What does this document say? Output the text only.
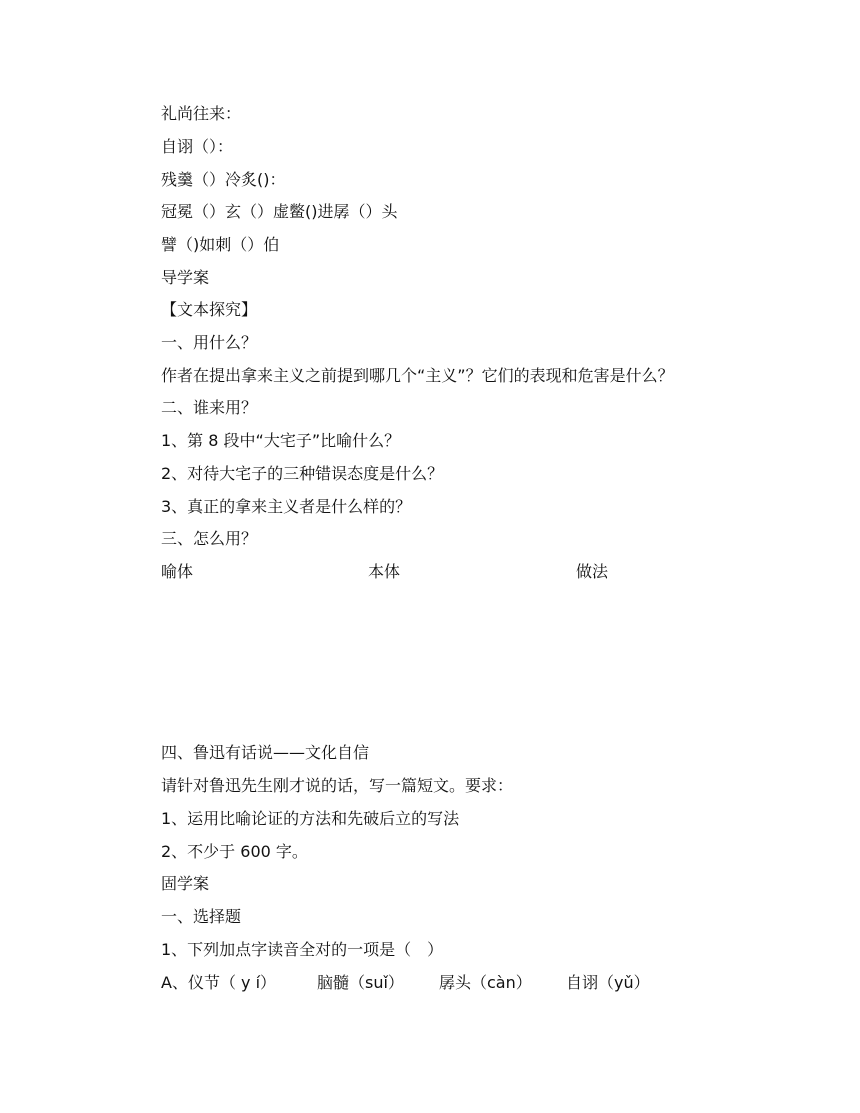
礼尚往来：
自诩（）：
残羹（）冷炙()：
冠冕（）玄（）虚鳖()进孱（）头
譬（)如刺（）伯
导学案
【文本探究】
一、用什么？
作者在提出拿来主义之前提到哪几个“主义”？它们的表现和危害是什么？
二、谁来用？
1、第 8 段中“大宅子”比喻什么？
2、对待大宅子的三种错误态度是什么？
3、真正的拿来主义者是什么样的？
三、怎么用？
喻体	本体	做法
四、鲁迅有话说——文化自信
请针对鲁迅先生刚才说的话，写一篇短文。要求：
1、运用比喻论证的方法和先破后立的写法
2、不少于 600 字。
固学案
一、选择题
1、下列加点字读音全对的一项是（　）
A、仪节（ y í）	脑髓（suǐ） 孱头（càn） 自诩（yǔ）
